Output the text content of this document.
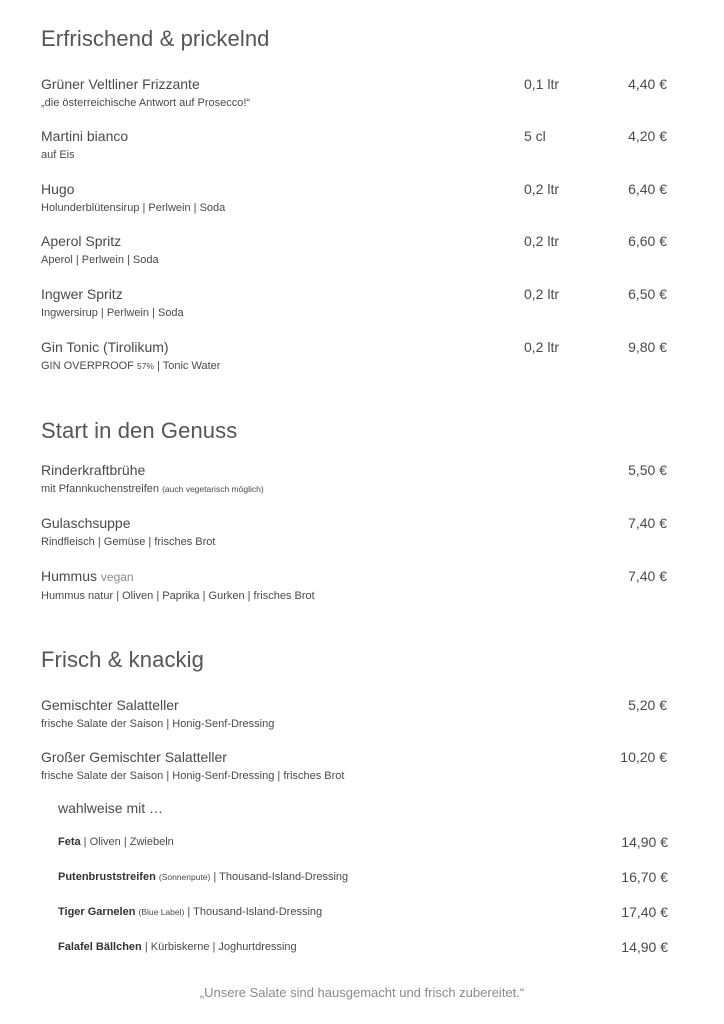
Erfrischend & prickelnd
Grüner Veltliner Frizzante
„die österreichische Antwort auf Prosecco!“
0,1 ltr	4,40 €
Martini bianco
auf Eis
5 cl	4,20 €
Hugo
Holunderblütensirup | Perlwein | Soda
0,2 ltr	6,40 €
Aperol Spritz
Aperol | Perlwein | Soda
0,2 ltr	6,60 €
Ingwer Spritz
Ingwersirup | Perlwein | Soda
0,2 ltr	6,50 €
Gin Tonic (Tirolikum)
GIN OVERPROOF 57% | Tonic Water
0,2 ltr	9,80 €
Start in den Genuss
Rinderkraftbrühe
mit Pfannkuchenstreifen (auch vegetarisch möglich)
5,50 €
Gulaschsuppe
Rindfleisch | Gemüse | frisches Brot
7,40 €
Hummus vegan
Hummus natur | Oliven | Paprika | Gurken | frisches Brot
7,40 €
Frisch & knackig
Gemischter Salatteller
frische Salate der Saison | Honig-Senf-Dressing
5,20 €
Großer Gemischter Salatteller
frische Salate der Saison | Honig-Senf-Dressing | frisches Brot
10,20 €
wahlweise mit …
Feta | Oliven | Zwiebeln	14,90 €
Putenbruststreifen (Sonnenpute) | Thousand-Island-Dressing	16,70 €
Tiger Garnelen (Blue Label) | Thousand-Island-Dressing	17,40 €
Falafel Bällchen | Kürbiskerne | Joghurtdressing	14,90 €
„Unsere Salate sind hausgemacht und frisch zubereitet.“
